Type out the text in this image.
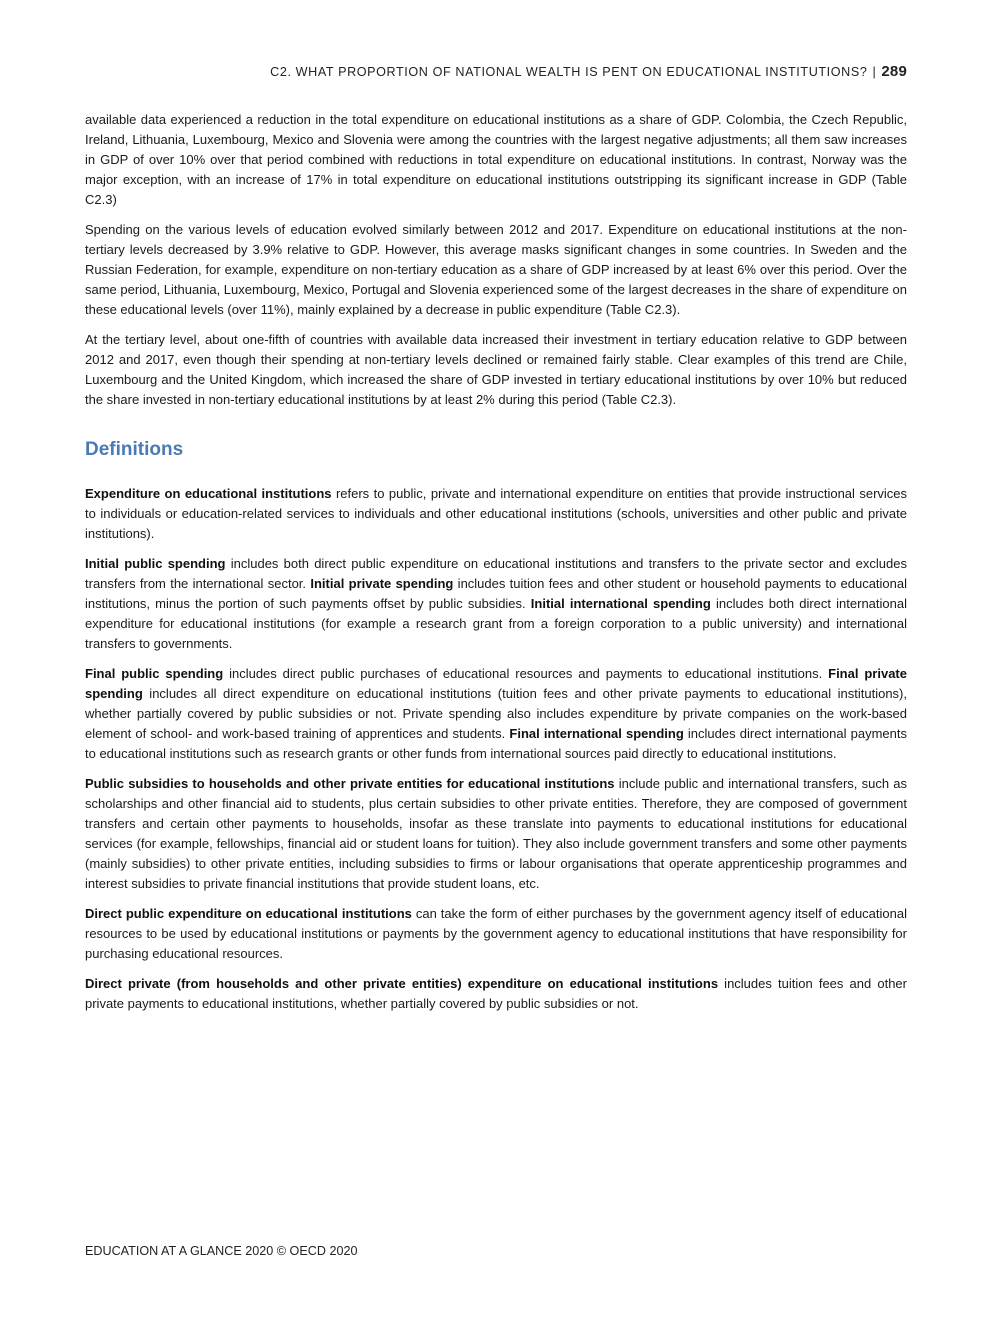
C2. WHAT PROPORTION OF NATIONAL WEALTH IS PENT ON EDUCATIONAL INSTITUTIONS? | 289

available data experienced a reduction in the total expenditure on educational institutions as a share of GDP. Colombia, the Czech Republic, Ireland, Lithuania, Luxembourg, Mexico and Slovenia were among the countries with the largest negative adjustments; all them saw increases in GDP of over 10% over that period combined with reductions in total expenditure on educational institutions. In contrast, Norway was the major exception, with an increase of 17% in total expenditure on educational institutions outstripping its significant increase in GDP (Table C2.3)

Spending on the various levels of education evolved similarly between 2012 and 2017. Expenditure on educational institutions at the non-tertiary levels decreased by 3.9% relative to GDP. However, this average masks significant changes in some countries. In Sweden and the Russian Federation, for example, expenditure on non-tertiary education as a share of GDP increased by at least 6% over this period. Over the same period, Lithuania, Luxembourg, Mexico, Portugal and Slovenia experienced some of the largest decreases in the share of expenditure on these educational levels (over 11%), mainly explained by a decrease in public expenditure (Table C2.3).

At the tertiary level, about one-fifth of countries with available data increased their investment in tertiary education relative to GDP between 2012 and 2017, even though their spending at non-tertiary levels declined or remained fairly stable. Clear examples of this trend are Chile, Luxembourg and the United Kingdom, which increased the share of GDP invested in tertiary educational institutions by over 10% but reduced the share invested in non-tertiary educational institutions by at least 2% during this period (Table C2.3).

Definitions

Expenditure on educational institutions refers to public, private and international expenditure on entities that provide instructional services to individuals or education-related services to individuals and other educational institutions (schools, universities and other public and private institutions).

Initial public spending includes both direct public expenditure on educational institutions and transfers to the private sector and excludes transfers from the international sector. Initial private spending includes tuition fees and other student or household payments to educational institutions, minus the portion of such payments offset by public subsidies. Initial international spending includes both direct international expenditure for educational institutions (for example a research grant from a foreign corporation to a public university) and international transfers to governments.

Final public spending includes direct public purchases of educational resources and payments to educational institutions. Final private spending includes all direct expenditure on educational institutions (tuition fees and other private payments to educational institutions), whether partially covered by public subsidies or not. Private spending also includes expenditure by private companies on the work-based element of school- and work-based training of apprentices and students. Final international spending includes direct international payments to educational institutions such as research grants or other funds from international sources paid directly to educational institutions.

Public subsidies to households and other private entities for educational institutions include public and international transfers, such as scholarships and other financial aid to students, plus certain subsidies to other private entities. Therefore, they are composed of government transfers and certain other payments to households, insofar as these translate into payments to educational institutions for educational services (for example, fellowships, financial aid or student loans for tuition). They also include government transfers and some other payments (mainly subsidies) to other private entities, including subsidies to firms or labour organisations that operate apprenticeship programmes and interest subsidies to private financial institutions that provide student loans, etc.

Direct public expenditure on educational institutions can take the form of either purchases by the government agency itself of educational resources to be used by educational institutions or payments by the government agency to educational institutions that have responsibility for purchasing educational resources.

Direct private (from households and other private entities) expenditure on educational institutions includes tuition fees and other private payments to educational institutions, whether partially covered by public subsidies or not.

EDUCATION AT A GLANCE 2020 © OECD 2020
